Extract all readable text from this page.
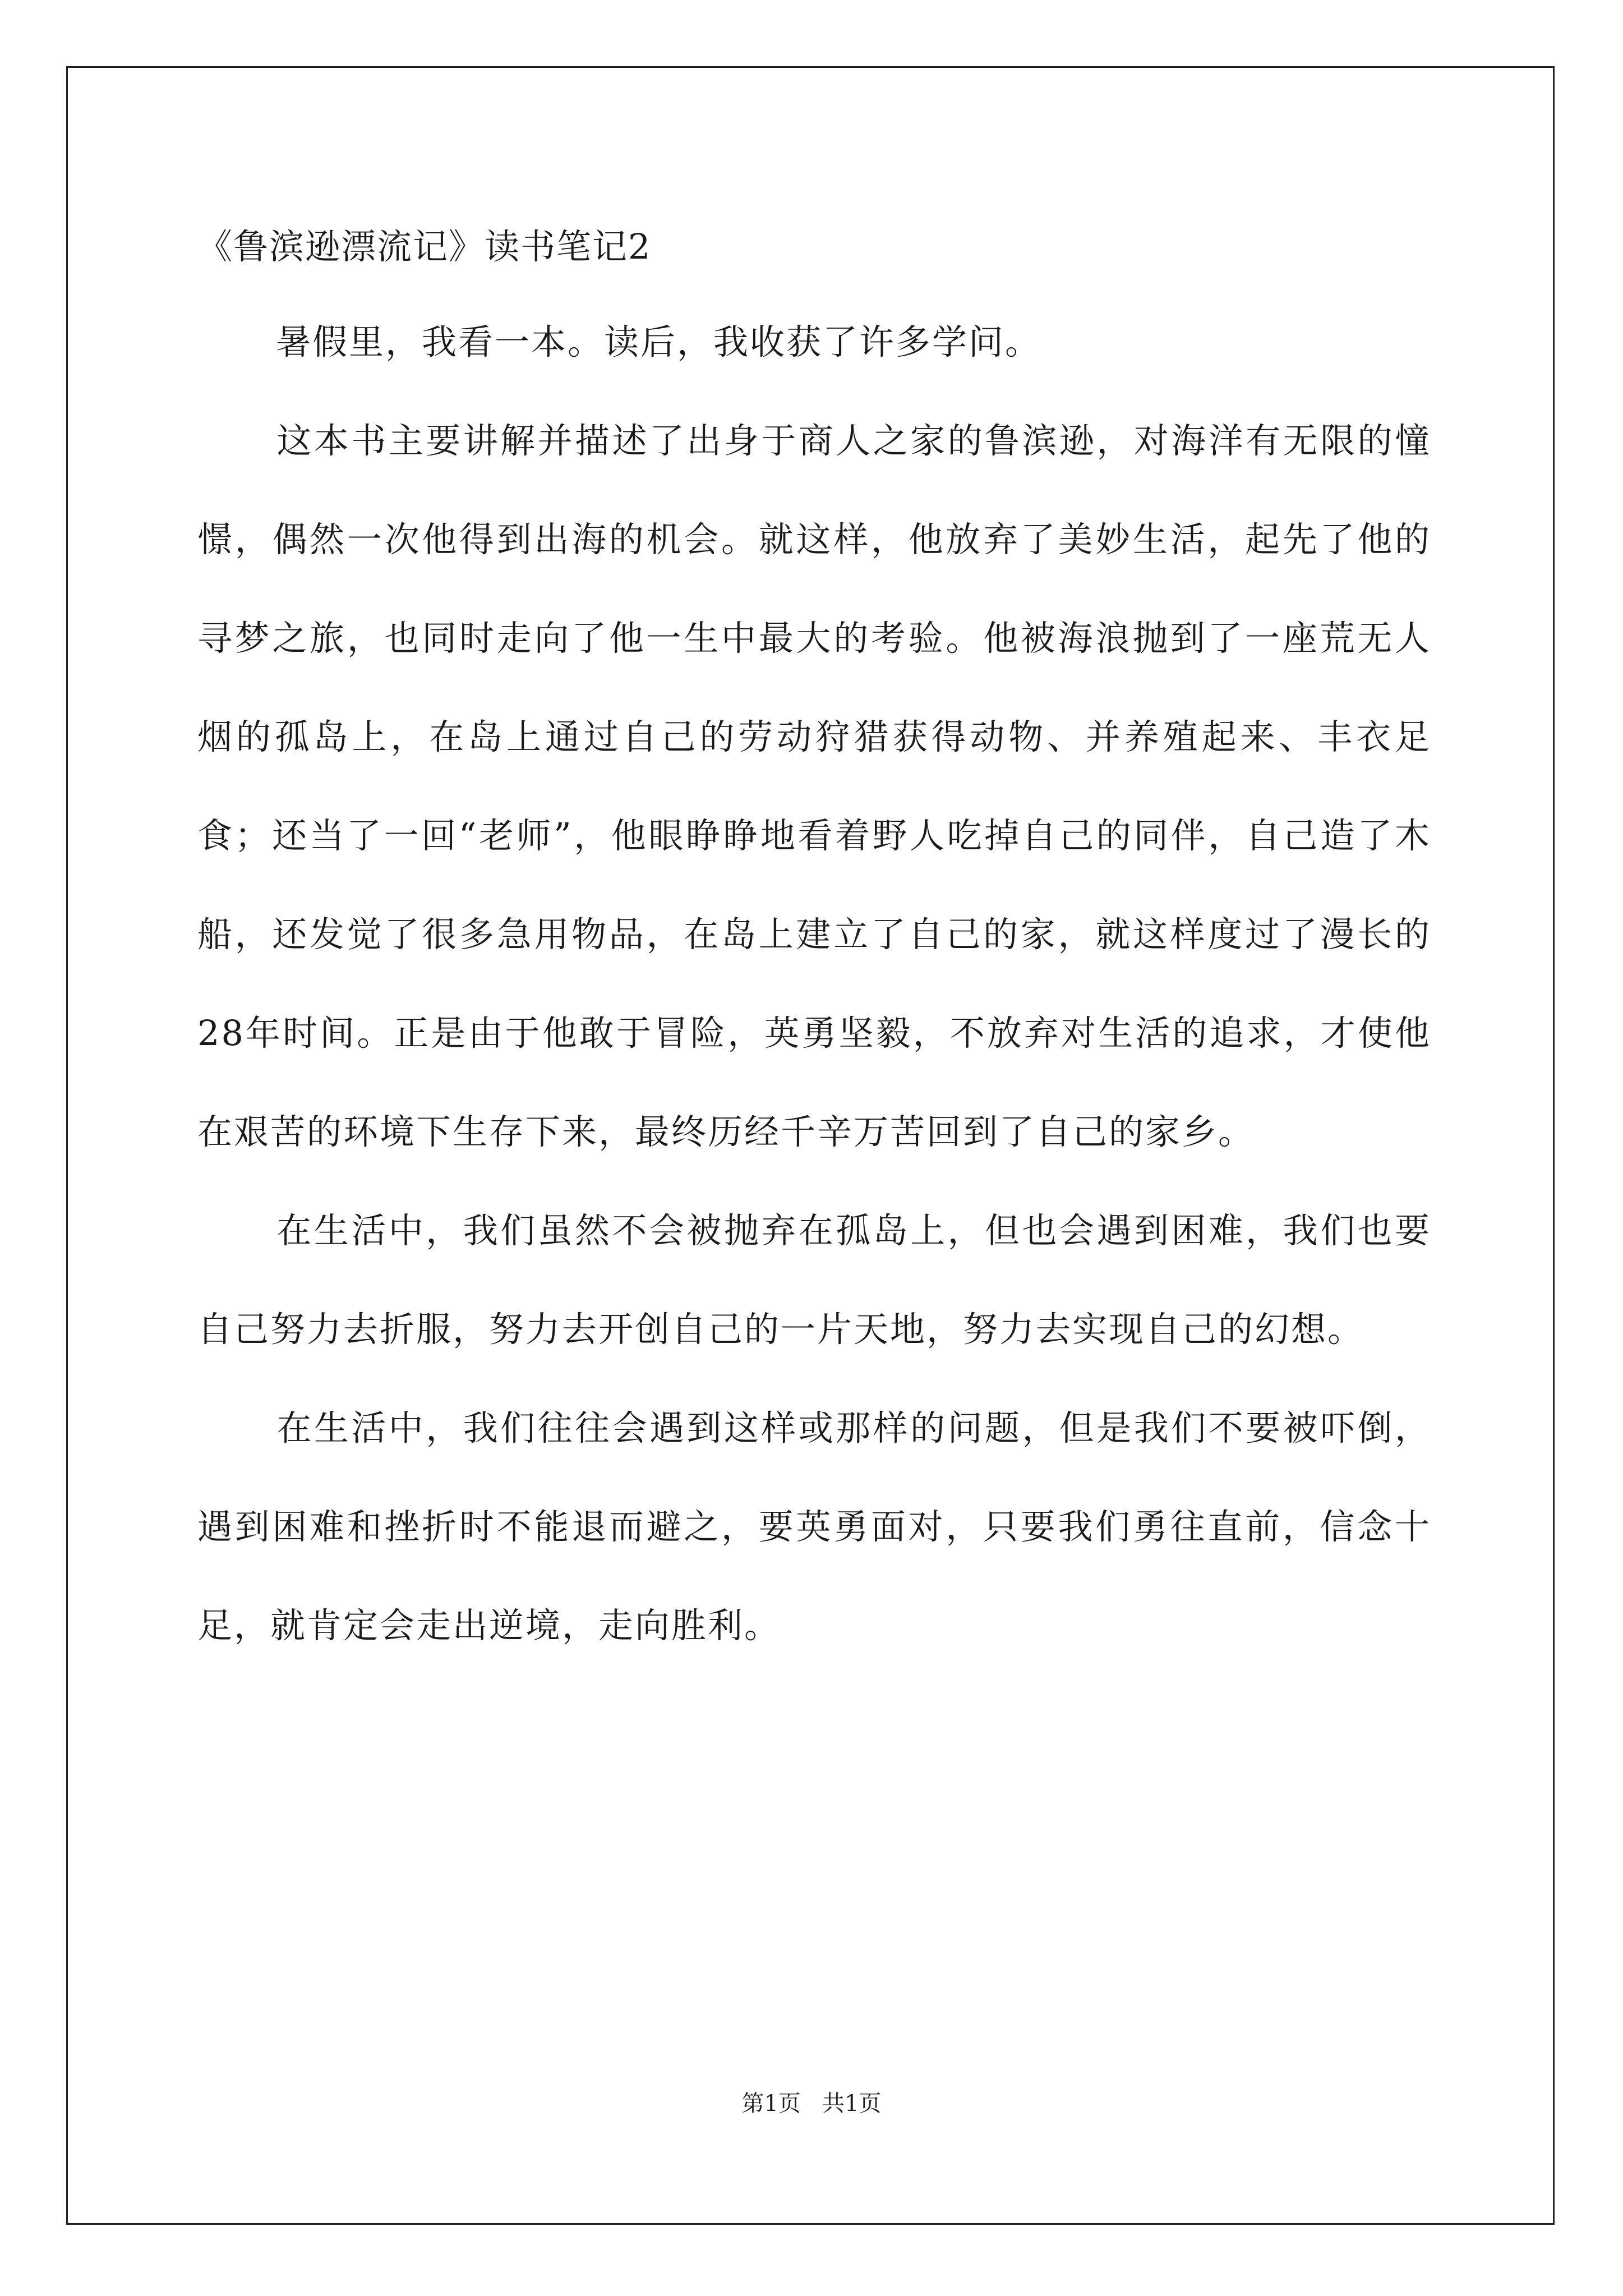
《鲁滨逊漂流记》读书笔记2

暑假里，我看一本。读后，我收获了许多学问。

这本书主要讲解并描述了出身于商人之家的鲁滨逊，对海洋有无限的憧憬，偶然一次他得到出海的机会。就这样，他放弃了美妙生活，起先了他的寻梦之旅，也同时走向了他一生中最大的考验。他被海浪抛到了一座荒无人烟的孤岛上，在岛上通过自己的劳动狩猎获得动物、并养殖起来、丰衣足食；还当了一回“老师”，他眼睁睁地看着野人吃掉自己的同伴，自己造了木船，还发觉了很多急用物品，在岛上建立了自己的家，就这样度过了漫长的28年时间。正是由于他敢于冒险，英勇坚毅，不放弃对生活的追求，才使他在艰苦的环境下生存下来，最终历经千辛万苦回到了自己的家乡。

在生活中，我们虽然不会被抛弃在孤岛上，但也会遇到困难，我们也要自己努力去折服，努力去开创自己的一片天地，努力去实现自己的幻想。

在生活中，我们往往会遇到这样或那样的问题，但是我们不要被吓倒，遇到困难和挫折时不能退而避之，要英勇面对，只要我们勇往直前，信念十足，就肯定会走出逆境，走向胜利。

第1页   共1页
